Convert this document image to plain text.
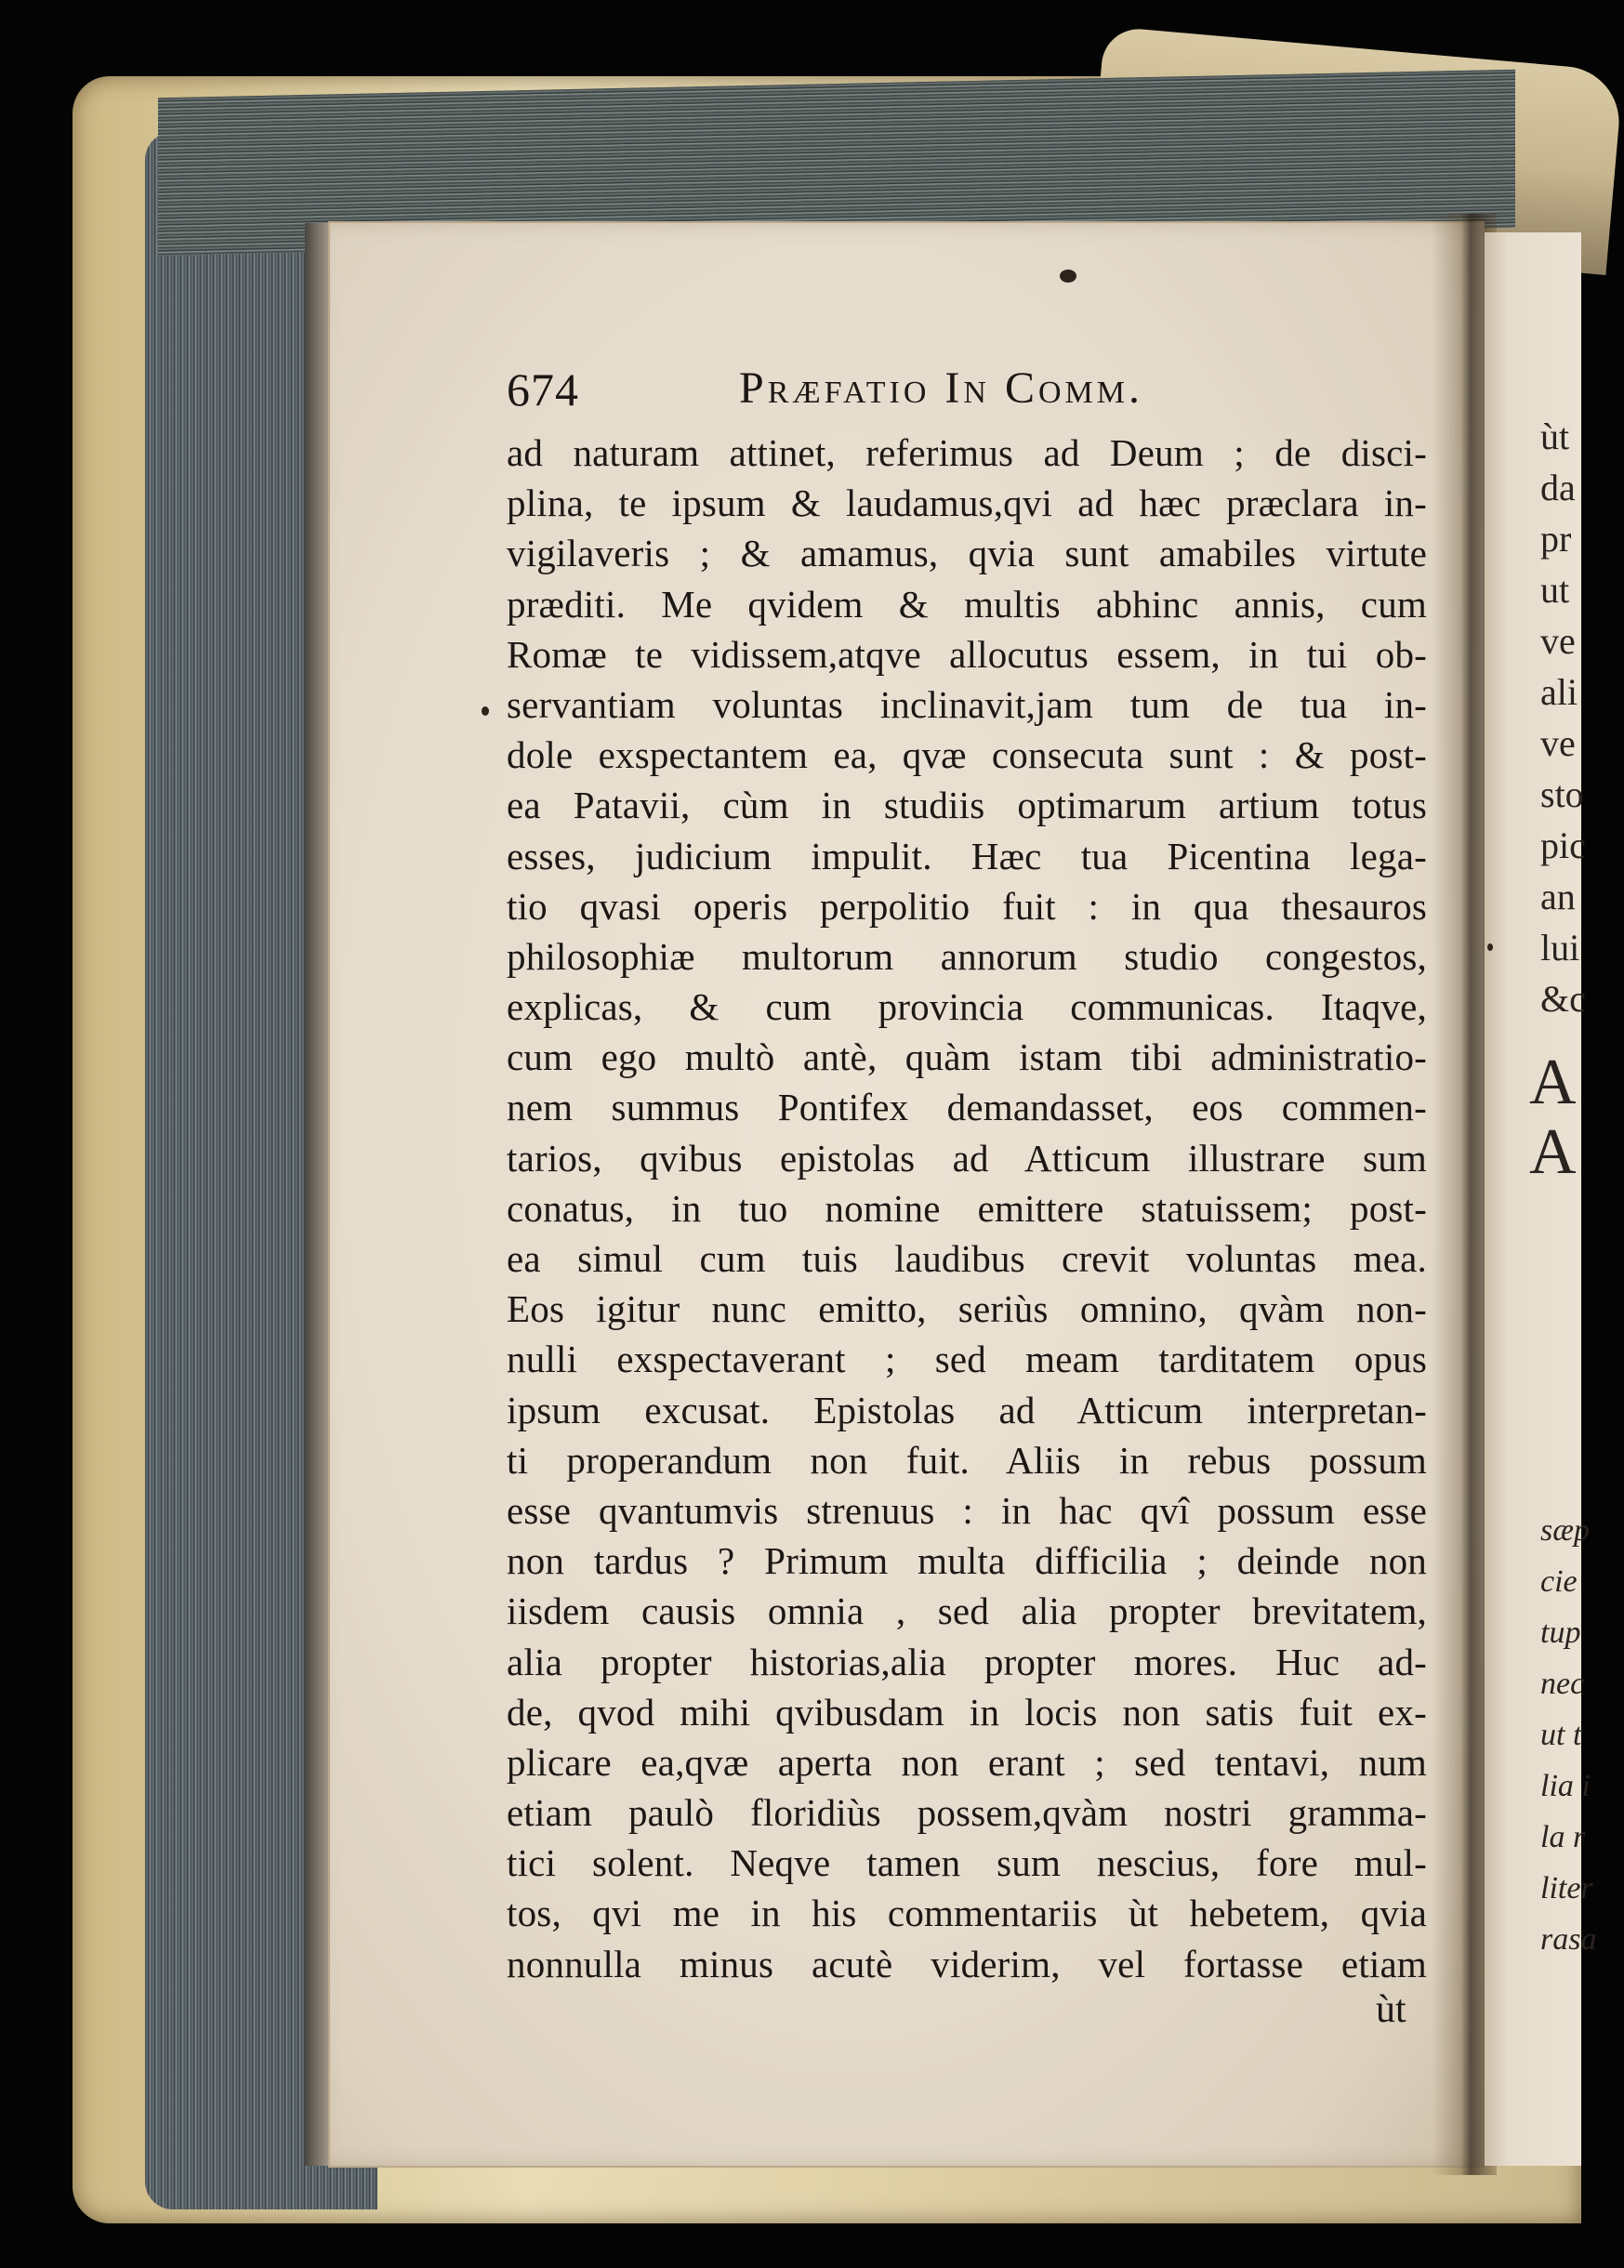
ùt
da
pr
ut
ve
ali
ve
sto
pic
an
lui
&c
A
A
sæp
cie
tup
nec
ut t
lia i
la r
liter
rasa
674	Præfatio In Comm.
ad naturam attinet, referimus ad Deum ; de disci-
plina, te ipsum & laudamus,qvi ad hæc præclara in-
vigilaveris ; & amamus, qvia sunt amabiles virtute
præditi. Me qvidem & multis abhinc annis, cum
Romæ te vidissem,atqve allocutus essem, in tui ob-
servantiam voluntas inclinavit,jam tum de tua in-
dole exspectantem ea, qvæ consecuta sunt : & post-
ea Patavii, cùm in studiis optimarum artium totus
esses, judicium impulit. Hæc tua Picentina lega-
tio qvasi operis perpolitio fuit : in qua thesauros
philosophiæ multorum annorum studio congestos,
explicas, & cum provincia communicas. Itaqve,
cum ego multò antè, quàm istam tibi administratio-
nem summus Pontifex demandasset, eos commen-
tarios, qvibus epistolas ad Atticum illustrare sum
conatus, in tuo nomine emittere statuissem; post-
ea simul cum tuis laudibus crevit voluntas mea.
Eos igitur nunc emitto, seriùs omnino, qvàm non-
nulli exspectaverant ; sed meam tarditatem opus
ipsum excusat. Epistolas ad Atticum interpretan-
ti properandum non fuit. Aliis in rebus possum
esse qvantumvis strenuus : in hac qvî possum esse
non tardus ? Primum multa difficilia ; deinde non
iisdem causis omnia , sed alia propter brevitatem,
alia propter historias,alia propter mores. Huc ad-
de, qvod mihi qvibusdam in locis non satis fuit ex-
plicare ea,qvæ aperta non erant ; sed tentavi, num
etiam paulò floridiùs possem,qvàm nostri gramma-
tici solent. Neqve tamen sum nescius, fore mul-
tos, qvi me in his commentariis ùt hebetem, qvia
nonnulla minus acutè viderim, vel fortasse etiam
ùt
